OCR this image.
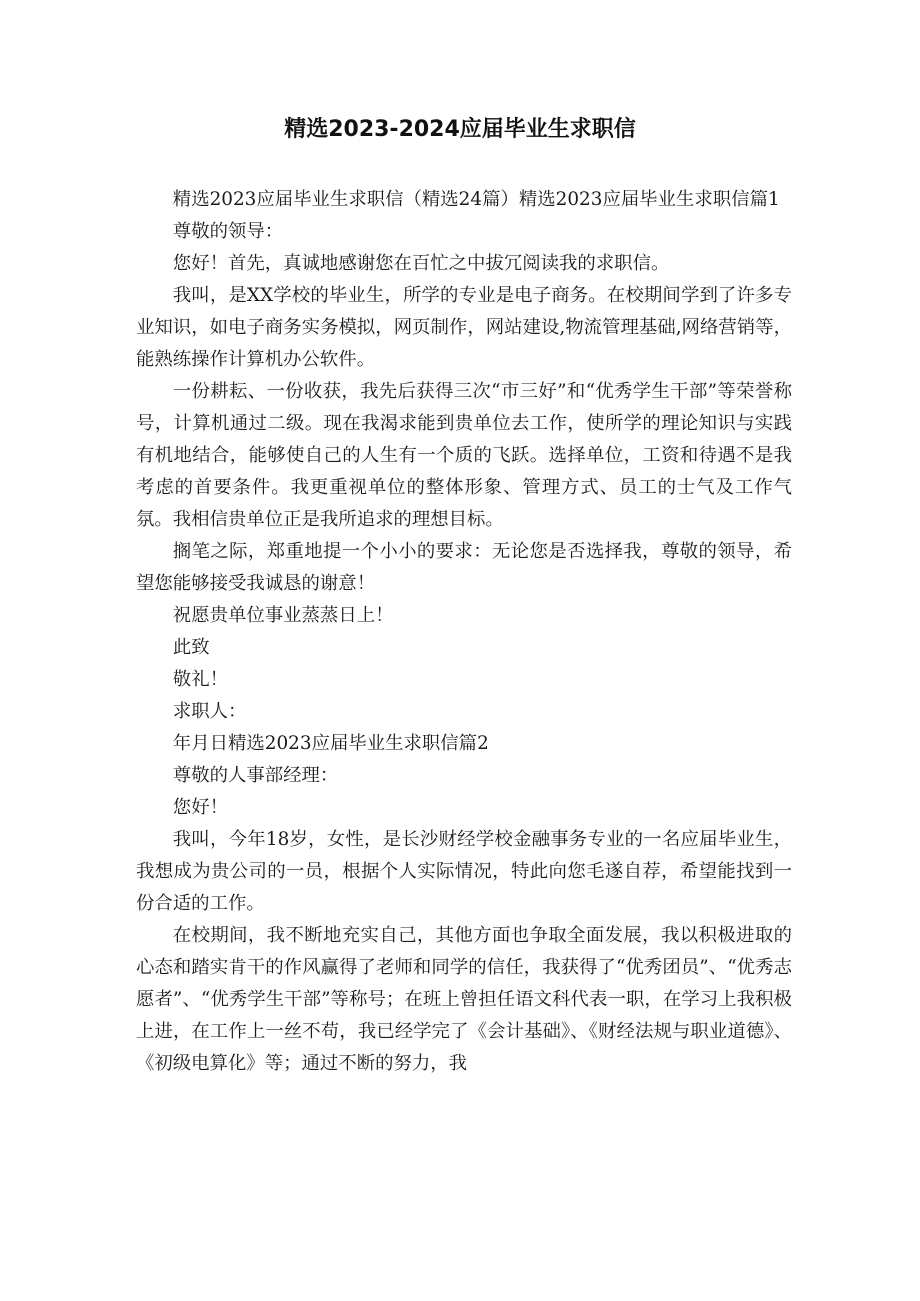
精选2023-2024应届毕业生求职信

精选2023应届毕业生求职信（精选24篇）精选2023应届毕业生求职信篇1

尊敬的领导：

您好！首先，真诚地感谢您在百忙之中拔冗阅读我的求职信。

我叫，是XX学校的毕业生，所学的专业是电子商务。在校期间学到了许多专业知识，如电子商务实务模拟，网页制作，网站建设,物流管理基础,网络营销等，能熟练操作计算机办公软件。

一份耕耘、一份收获，我先后获得三次“市三好”和“优秀学生干部”等荣誉称号，计算机通过二级。现在我渴求能到贵单位去工作，使所学的理论知识与实践有机地结合，能够使自己的人生有一个质的飞跃。选择单位，工资和待遇不是我考虑的首要条件。我更重视单位的整体形象、管理方式、员工的士气及工作气氛。我相信贵单位正是我所追求的理想目标。

搁笔之际，郑重地提一个小小的要求：无论您是否选择我，尊敬的领导，希望您能够接受我诚恳的谢意！

祝愿贵单位事业蒸蒸日上！

此致

敬礼！

求职人：

年月日精选2023应届毕业生求职信篇2

尊敬的人事部经理：

您好！

我叫，今年18岁，女性，是长沙财经学校金融事务专业的一名应届毕业生，我想成为贵公司的一员，根据个人实际情况，特此向您毛遂自荐，希望能找到一份合适的工作。

在校期间，我不断地充实自己，其他方面也争取全面发展，我以积极进取的心态和踏实肯干的作风赢得了老师和同学的信任，我获得了“优秀团员”、“优秀志愿者”、“优秀学生干部”等称号；在班上曾担任语文科代表一职，在学习上我积极上进，在工作上一丝不苟，我已经学完了《会计基础》、《财经法规与职业道德》、《初级电算化》等；通过不断的努力，我
